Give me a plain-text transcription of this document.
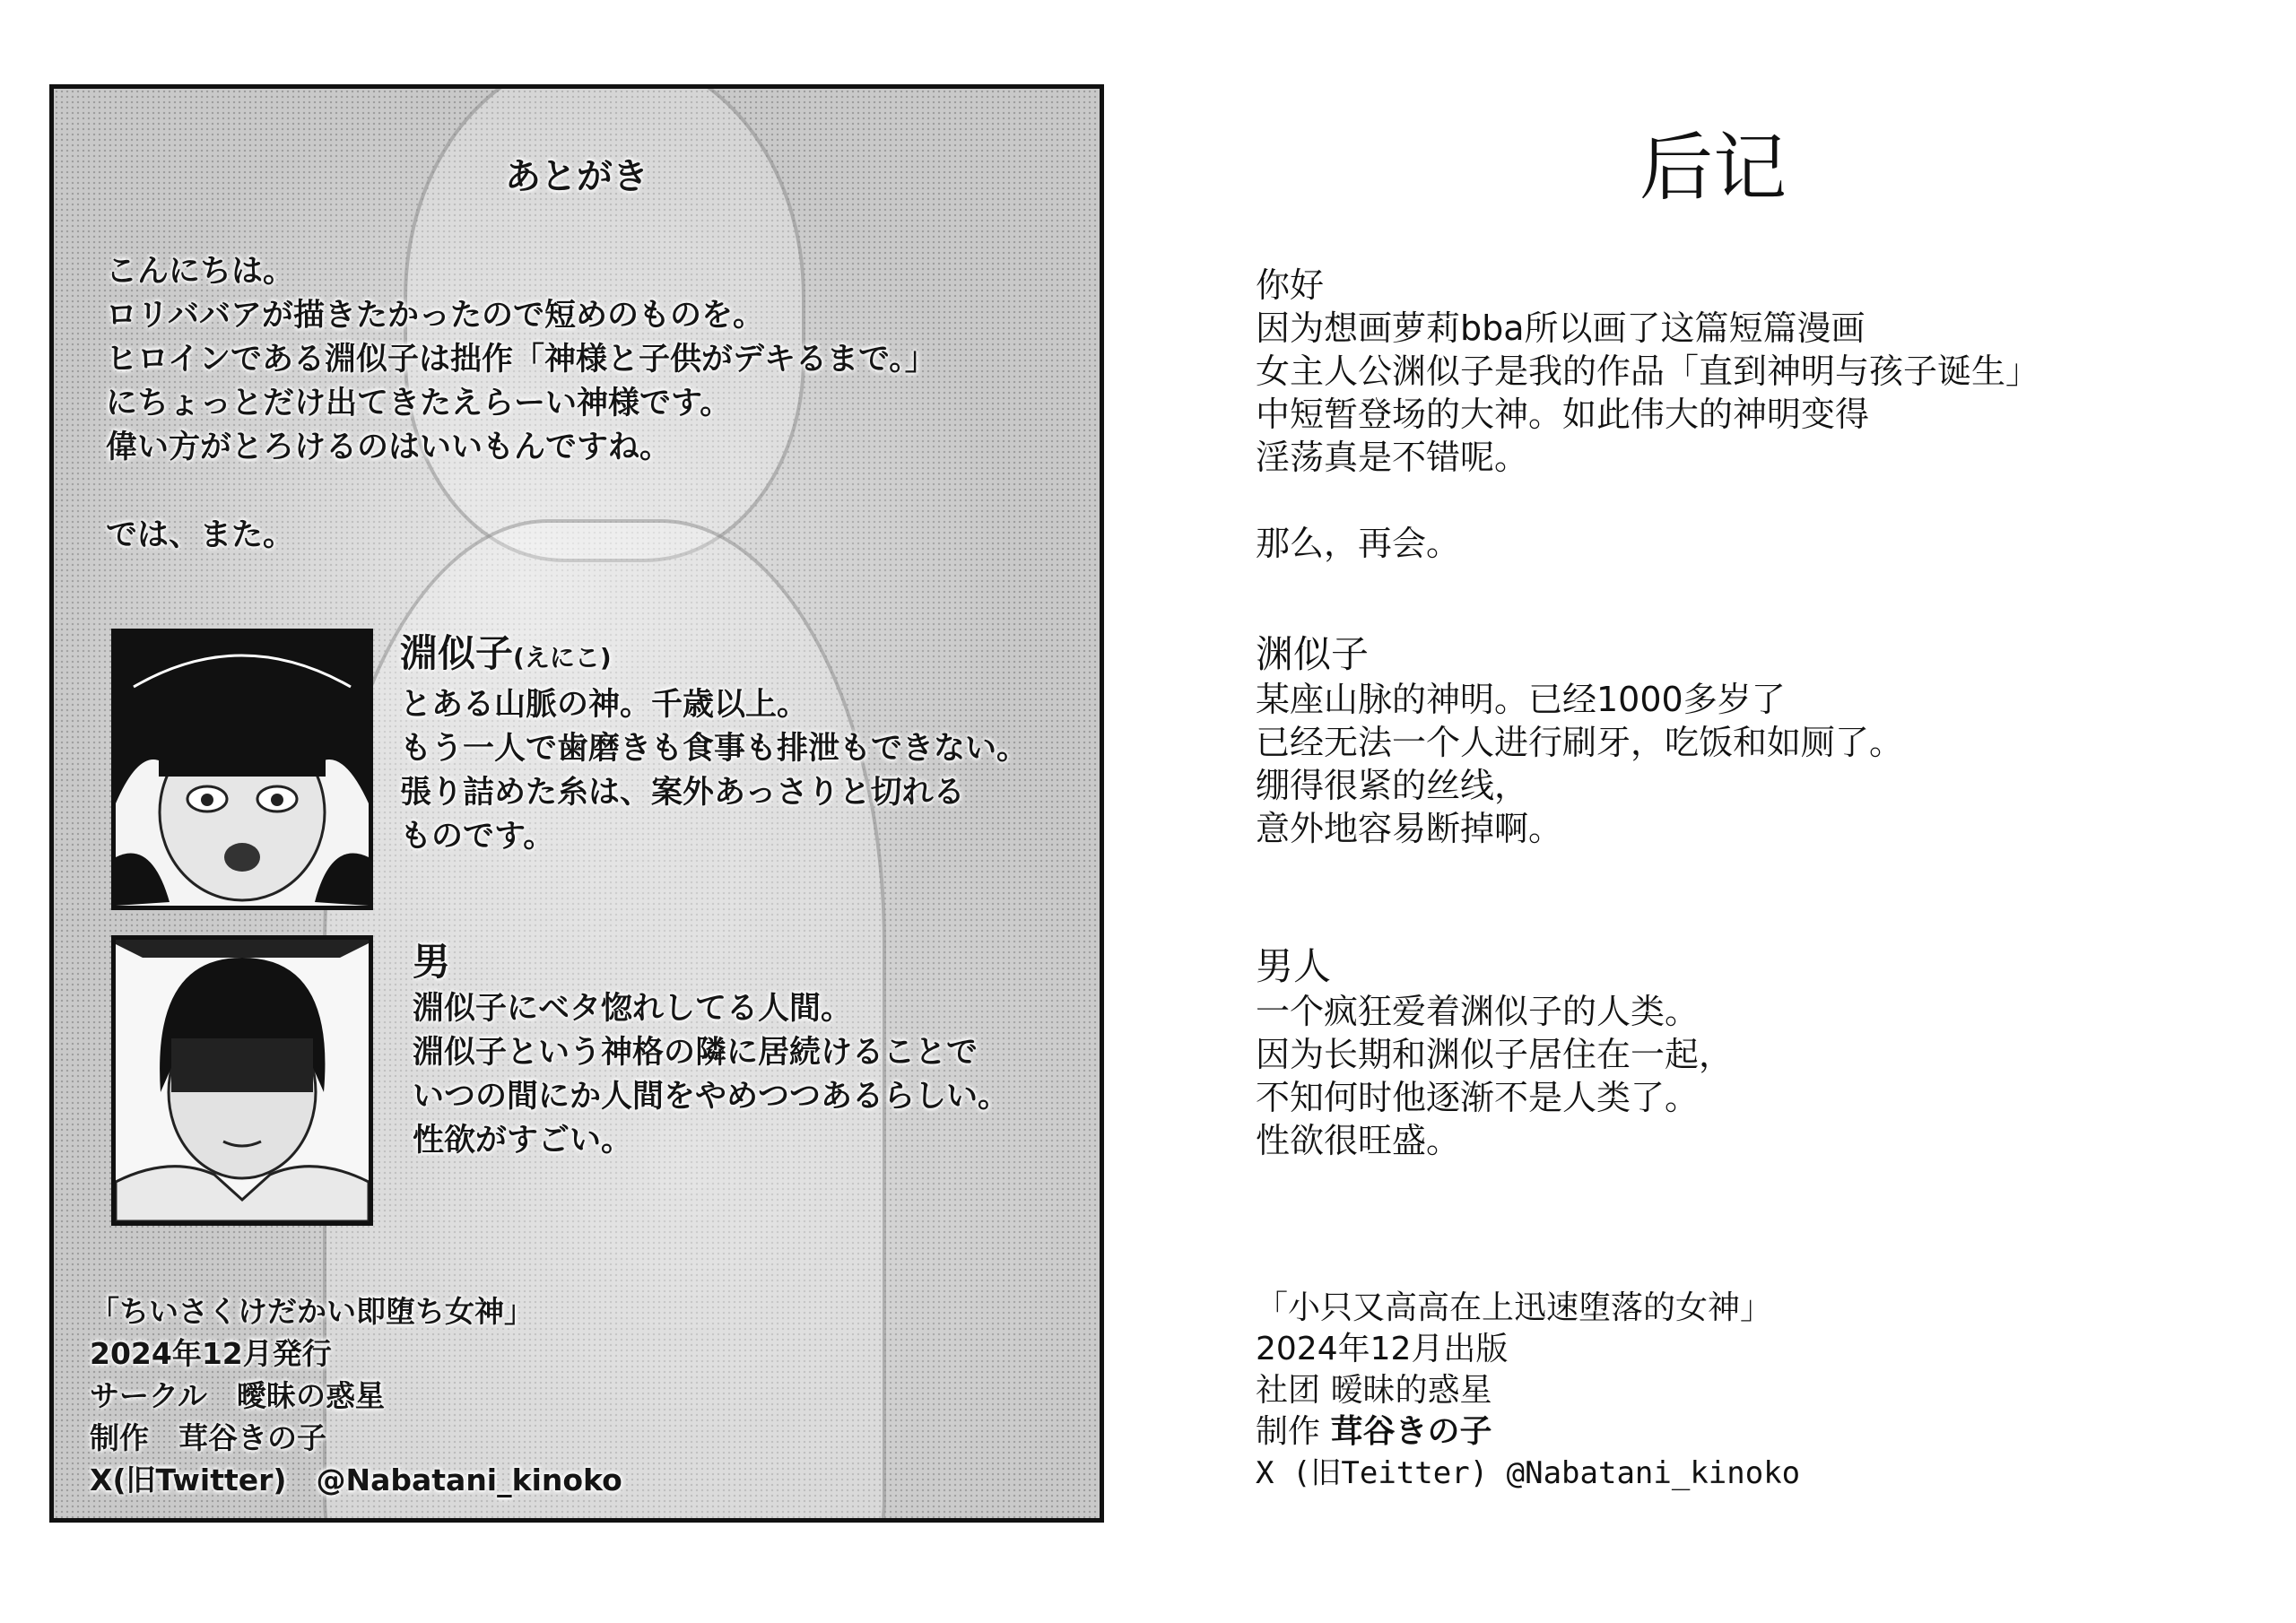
あとがき
こんにちは。
ロリババアが描きたかったので短めのものを。
ヒロインである淵似子は拙作「神様と子供がデキるまで。」
にちょっとだけ出てきたえらーい神様です。
偉い方がとろけるのはいいもんですね。
では、また。
淵似子(えにこ)
とある山脈の神。千歳以上。
もう一人で歯磨きも食事も排泄もできない。
張り詰めた糸は、案外あっさりと切れる
ものです。
男
淵似子にベタ惚れしてる人間。
淵似子という神格の隣に居続けることで
いつの間にか人間をやめつつあるらしい。
性欲がすごい。
「ちいさくけだかい即堕ち女神」
2024年12月発行
サークル　曖昧の惑星
制作　茸谷きの子
X(旧Twitter)　@Nabatani_kinoko
后记
你好
因为想画萝莉bba所以画了这篇短篇漫画
女主人公渊似子是我的作品「直到神明与孩子诞生」
中短暂登场的大神。如此伟大的神明变得
淫荡真是不错呢。
那么，再会。
渊似子
某座山脉的神明。已经1000多岁了
已经无法一个人进行刷牙，吃饭和如厕了。
绷得很紧的丝线，
意外地容易断掉啊。
男人
一个疯狂爱着渊似子的人类。
因为长期和渊似子居住在一起，
不知何时他逐渐不是人类了。
性欲很旺盛。
「小只又高高在上迅速堕落的女神」
2024年12月出版
社团 暧昧的惑星
制作 茸谷きの子
X (旧Teitter) @Nabatani_kinoko
